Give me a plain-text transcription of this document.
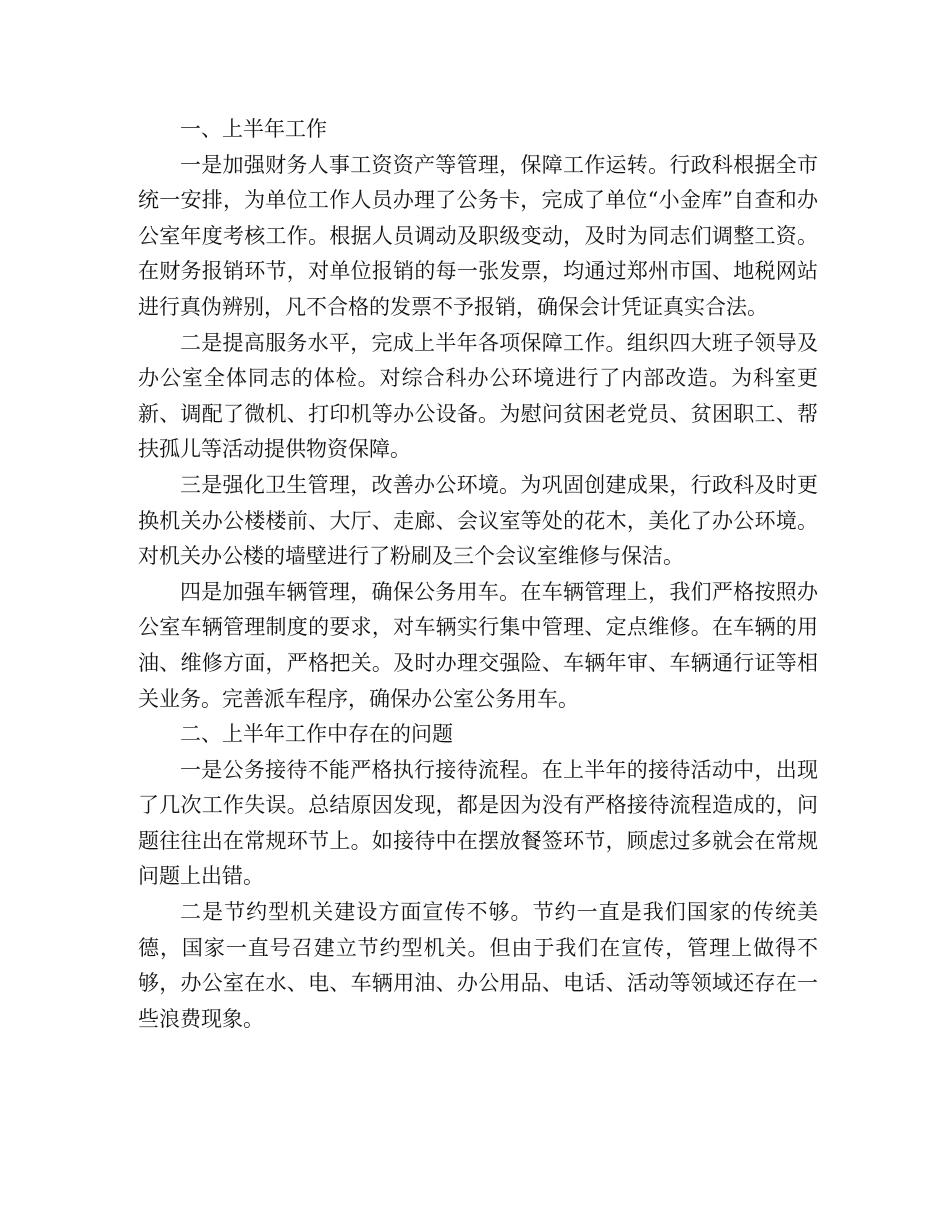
一、上半年工作

一是加强财务人事工资资产等管理，保障工作运转。行政科根据全市统一安排，为单位工作人员办理了公务卡，完成了单位“小金库”自查和办公室年度考核工作。根据人员调动及职级变动，及时为同志们调整工资。在财务报销环节，对单位报销的每一张发票，均通过郑州市国、地税网站进行真伪辨别，凡不合格的发票不予报销，确保会计凭证真实合法。

二是提高服务水平，完成上半年各项保障工作。组织四大班子领导及办公室全体同志的体检。对综合科办公环境进行了内部改造。为科室更新、调配了微机、打印机等办公设备。为慰问贫困老党员、贫困职工、帮扶孤儿等活动提供物资保障。

三是强化卫生管理，改善办公环境。为巩固创建成果，行政科及时更换机关办公楼楼前、大厅、走廊、会议室等处的花木，美化了办公环境。对机关办公楼的墙壁进行了粉刷及三个会议室维修与保洁。

四是加强车辆管理，确保公务用车。在车辆管理上，我们严格按照办公室车辆管理制度的要求，对车辆实行集中管理、定点维修。在车辆的用油、维修方面，严格把关。及时办理交强险、车辆年审、车辆通行证等相关业务。完善派车程序，确保办公室公务用车。

二、上半年工作中存在的问题

一是公务接待不能严格执行接待流程。在上半年的接待活动中，出现了几次工作失误。总结原因发现，都是因为没有严格接待流程造成的，问题往往出在常规环节上。如接待中在摆放餐签环节，顾虑过多就会在常规问题上出错。

二是节约型机关建设方面宣传不够。节约一直是我们国家的传统美德，国家一直号召建立节约型机关。但由于我们在宣传，管理上做得不够，办公室在水、电、车辆用油、办公用品、电话、活动等领域还存在一些浪费现象。
